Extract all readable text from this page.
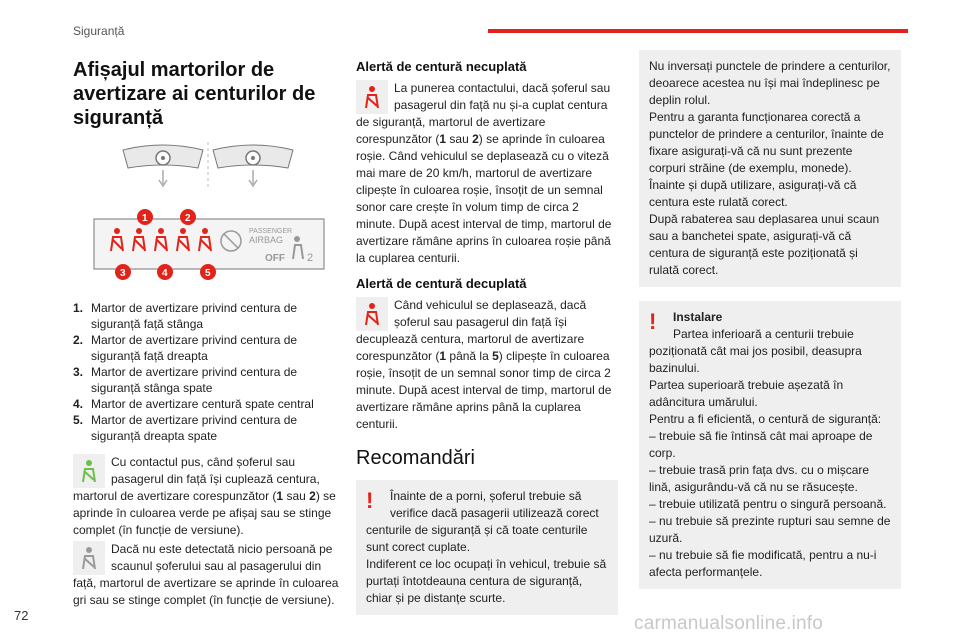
Siguranță
Afișajul martorilor de
avertizare ai centurilor de
siguranță

PASSENGER
AIRBAG
OFF 2
1	2
3	4	5
1. Martor de avertizare privind centura de siguranță față stânga
2. Martor de avertizare privind centura de siguranță față dreapta
3. Martor de avertizare privind centura de siguranță stânga spate
4. Martor de avertizare centură spate central
5. Martor de avertizare privind centura de siguranță dreapta spate
Cu contactul pus, când șoferul sau pasagerul din față își cuplează centura, martorul de avertizare corespunzător (1 sau 2) se aprinde în culoarea verde pe afișaj sau se stinge complet (în funcție de versiune).
Dacă nu este detectată nicio persoană pe scaunul șoferului sau al pasagerului din față, martorul de avertizare se aprinde în culoarea gri sau se stinge complet (în funcție de versiune).
Alertă de centură necuplată
La punerea contactului, dacă șoferul sau pasagerul din față nu și-a cuplat centura de siguranță, martorul de avertizare corespunzător (1 sau 2) se aprinde în culoarea roșie. Când vehiculul se deplasează cu o viteză mai mare de 20 km/h, martorul de avertizare clipește în culoarea roșie, însoțit de un semnal sonor care crește în volum timp de circa 2 minute. După acest interval de timp, martorul de avertizare rămâne aprins în culoarea roșie până la cuplarea centurii.
Alertă de centură decuplată
Când vehiculul se deplasează, dacă șoferul sau pasagerul din față își decuplează centura, martorul de avertizare corespunzător (1 până la 5) clipește în culoarea roșie, însoțit de un semnal sonor timp de circa 2 minute. După acest interval de timp, martorul de avertizare rămâne aprins până la cuplarea centurii.
Recomandări
!	Înainte de a porni, șoferul trebuie să verifice dacă pasagerii utilizează corect centurile de siguranță și că toate centurile sunt corect cuplate.

Indiferent ce loc ocupați în vehicul, trebuie să purtați întotdeauna centura de siguranță, chiar și pe distanțe scurte.

Nu inversați punctele de prindere a centurilor, deoarece acestea nu își mai îndeplinesc pe deplin rolul.

Pentru a garanta funcționarea corectă a punctelor de prindere a centurilor, înainte de fixare asigurați-vă că nu sunt prezente corpuri străine (de exemplu, monede).

Înainte și după utilizare, asigurați-vă că centura este rulată corect.

După rabaterea sau deplasarea unui scaun sau a banchetei spate, asigurați-vă că centura de siguranță este poziționată și rulată corect.

!	Instalare

Partea inferioară a centurii trebuie poziționată cât mai jos posibil, deasupra bazinului.

Partea superioară trebuie așezată în adâncitura umărului.

Pentru a fi eficientă, o centură de siguranță:

– trebuie să fie întinsă cât mai aproape de corp.

– trebuie trasă prin fața dvs. cu o mișcare lină, asigurându-vă că nu se răsucește.

– trebuie utilizată pentru o singură persoană.

– nu trebuie să prezinte rupturi sau semne de uzură.

– nu trebuie să fie modificată, pentru a nu-i afecta performanțele.

72	carmanualsonline.info
